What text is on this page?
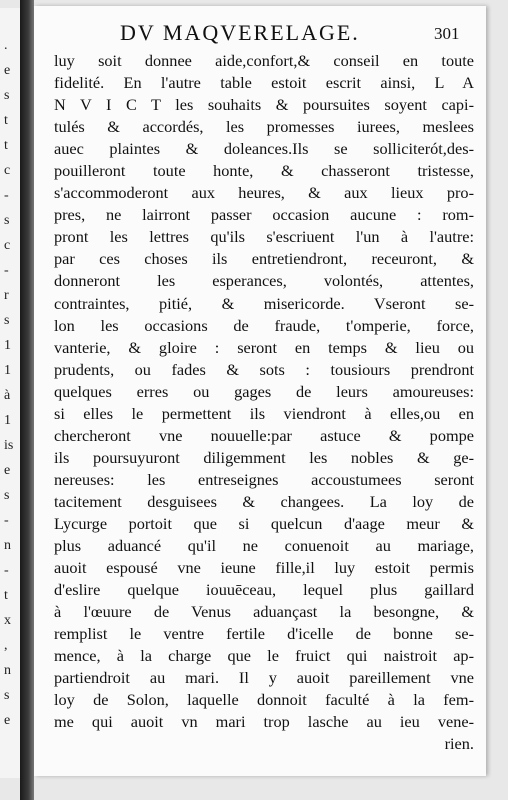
.
e
s
t
t
c
-
s
c
-
r
s
1
1
à
1
is
e
s
-
n
-
t
x
,
n
s
e
DV MAQVERELAGE.	301
luy soit donnee aide,confort,& conseil en toute
fidelité. En l'autre table estoit escrit ainsi, L A
N V I C T les souhaits & poursuites soyent capi-
tulés & accordés, les promesses iurees, meslees
auec plaintes & doleances.Ils se solliciterót,des-
pouilleront toute honte, & chasseront tristesse,
s'accommoderont aux heures, & aux lieux pro-
pres, ne lairront passer occasion aucune : rom-
pront les lettres qu'ils s'escriuent l'un à l'autre:
par ces choses ils entretiendront, receuront, &
donneront les esperances, volontés, attentes,
contraintes, pitié, & misericorde. Vseront se-
lon les occasions de fraude, t'omperie, force,
vanterie, & gloire : seront en temps & lieu ou
prudents, ou fades & sots : tousiours prendront
quelques erres ou gages de leurs amoureuses:
si elles le permettent ils viendront à elles,ou en
chercheront vne nouuelle:par astuce & pompe
ils poursuyuront diligemment les nobles & ge-
nereuses: les entreseignes accoustumees seront
tacitement desguisees & changees. La loy de
Lycurge portoit que si quelcun d'aage meur &
plus aduancé qu'il ne conuenoit au mariage,
auoit espousé vne ieune fille,il luy estoit permis
d'eslire quelque iouuēceau, lequel plus gaillard
à l'œuure de Venus aduançast la besongne, &
remplist le ventre fertile d'icelle de bonne se-
mence, à la charge que le fruict qui naistroit ap-
partiendroit au mari. Il y auoit pareillement vne
loy de Solon, laquelle donnoit faculté à la fem-
me qui auoit vn mari trop lasche au ieu vene-
rien.
